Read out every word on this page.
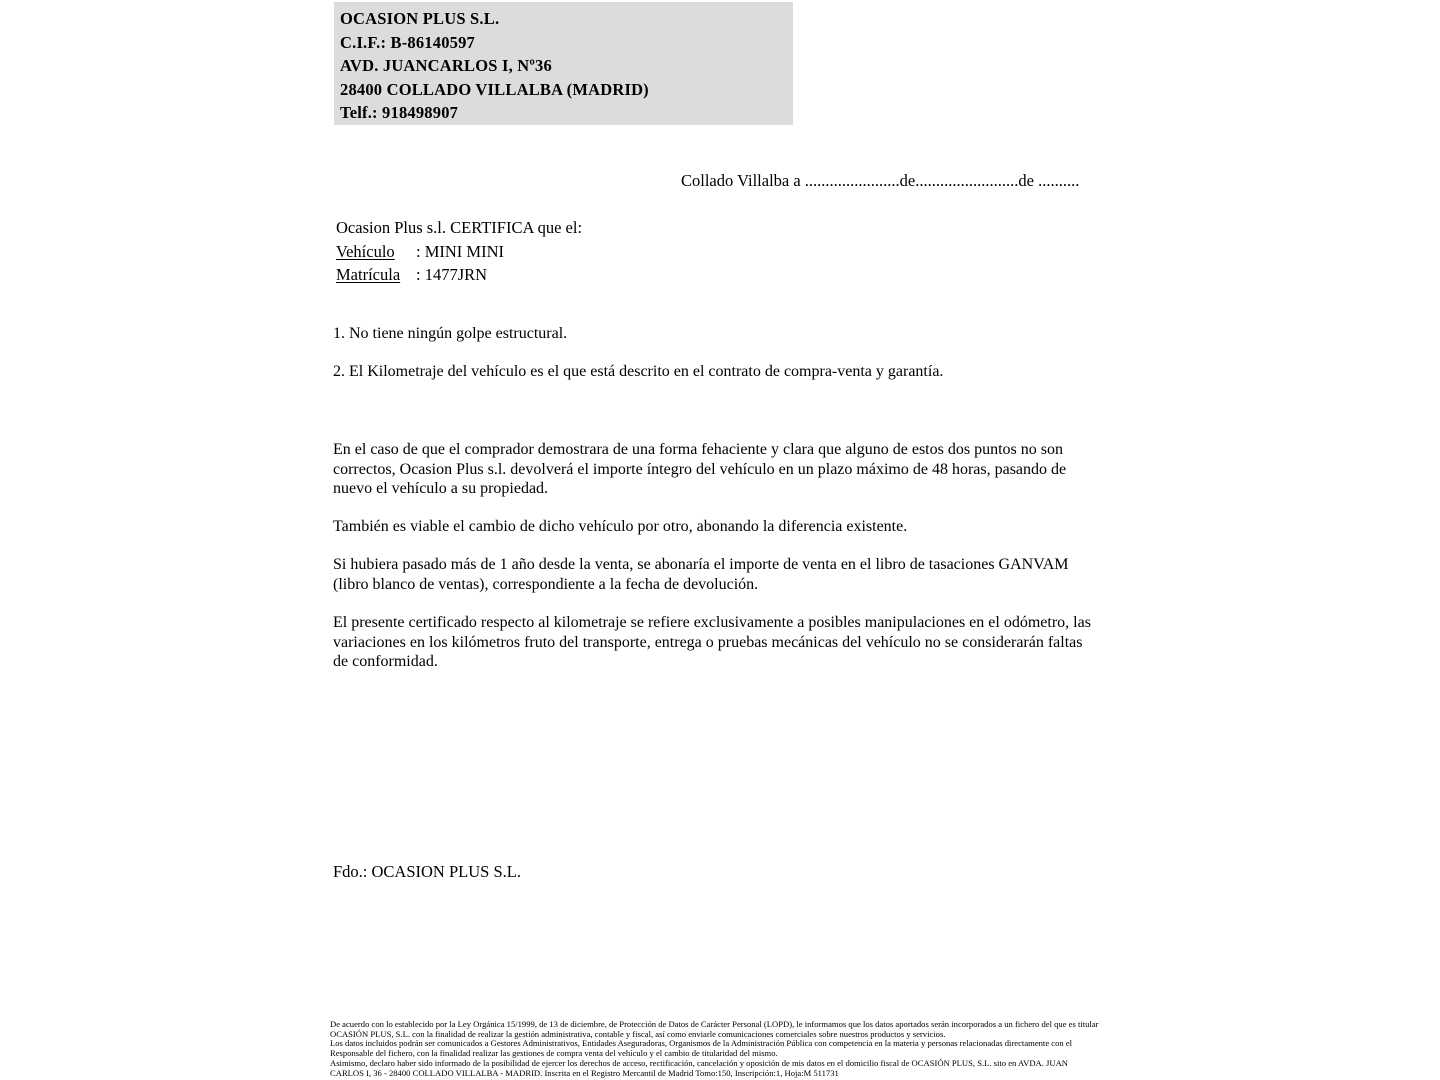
OCASION PLUS S.L.
C.I.F.: B-86140597
AVD. JUANCARLOS I, Nº36
28400 COLLADO VILLALBA (MADRID)
Telf.: 918498907
Collado Villalba a .......................de.........................de ..........
Ocasion Plus s.l. CERTIFICA que el:
Vehículo : MINI MINI
Matrícula : 1477JRN
1. No tiene ningún golpe estructural.
2. El Kilometraje del vehículo es el que está descrito en el contrato de compra-venta y garantía.

En el caso de que el comprador demostrara de una forma fehaciente y clara que alguno de estos dos puntos no son correctos, Ocasion Plus s.l. devolverá el importe íntegro del vehículo en un plazo máximo de 48 horas, pasando de nuevo el vehículo a su propiedad.

También es viable el cambio de dicho vehículo por otro, abonando la diferencia existente.

Si hubiera pasado más de 1 año desde la venta, se abonaría el importe de venta en el libro de tasaciones GANVAM (libro blanco de ventas), correspondiente a la fecha de devolución.

El presente certificado respecto al kilometraje se refiere exclusivamente a posibles manipulaciones en el odómetro, las variaciones en los kilómetros fruto del transporte, entrega o pruebas mecánicas del vehículo no se considerarán faltas de conformidad.

Fdo.: OCASION PLUS S.L.
De acuerdo con lo establecido por la Ley Orgánica 15/1999, de 13 de diciembre, de Protección de Datos de Carácter Personal (LOPD), le informamos que los datos aportados serán incorporados a un fichero del que es titular
OCASIÓN PLUS, S.L. con la finalidad de realizar la gestión administrativa, contable y fiscal, así como enviarle comunicaciones comerciales sobre nuestros productos y servicios.
Los datos incluidos podrán ser comunicados a Gestores Administrativos, Entidades Aseguradoras, Organismos de la Administración Pública con competencia en la materia y personas relacionadas directamente con el
Responsable del fichero, con la finalidad realizar las gestiones de compra venta del vehículo y el cambio de titularidad del mismo.
Asimismo, declaro haber sido informado de la posibilidad de ejercer los derechos de acceso, rectificación, cancelación y oposición de mis datos en el domicilio fiscal de OCASIÓN PLUS, S.L. sito en AVDA. JUAN
CARLOS I, 36 - 28400 COLLADO VILLALBA - MADRID. Inscrita en el Registro Mercantil de Madrid Tomo:150, Inscripción:1, Hoja:M 511731
